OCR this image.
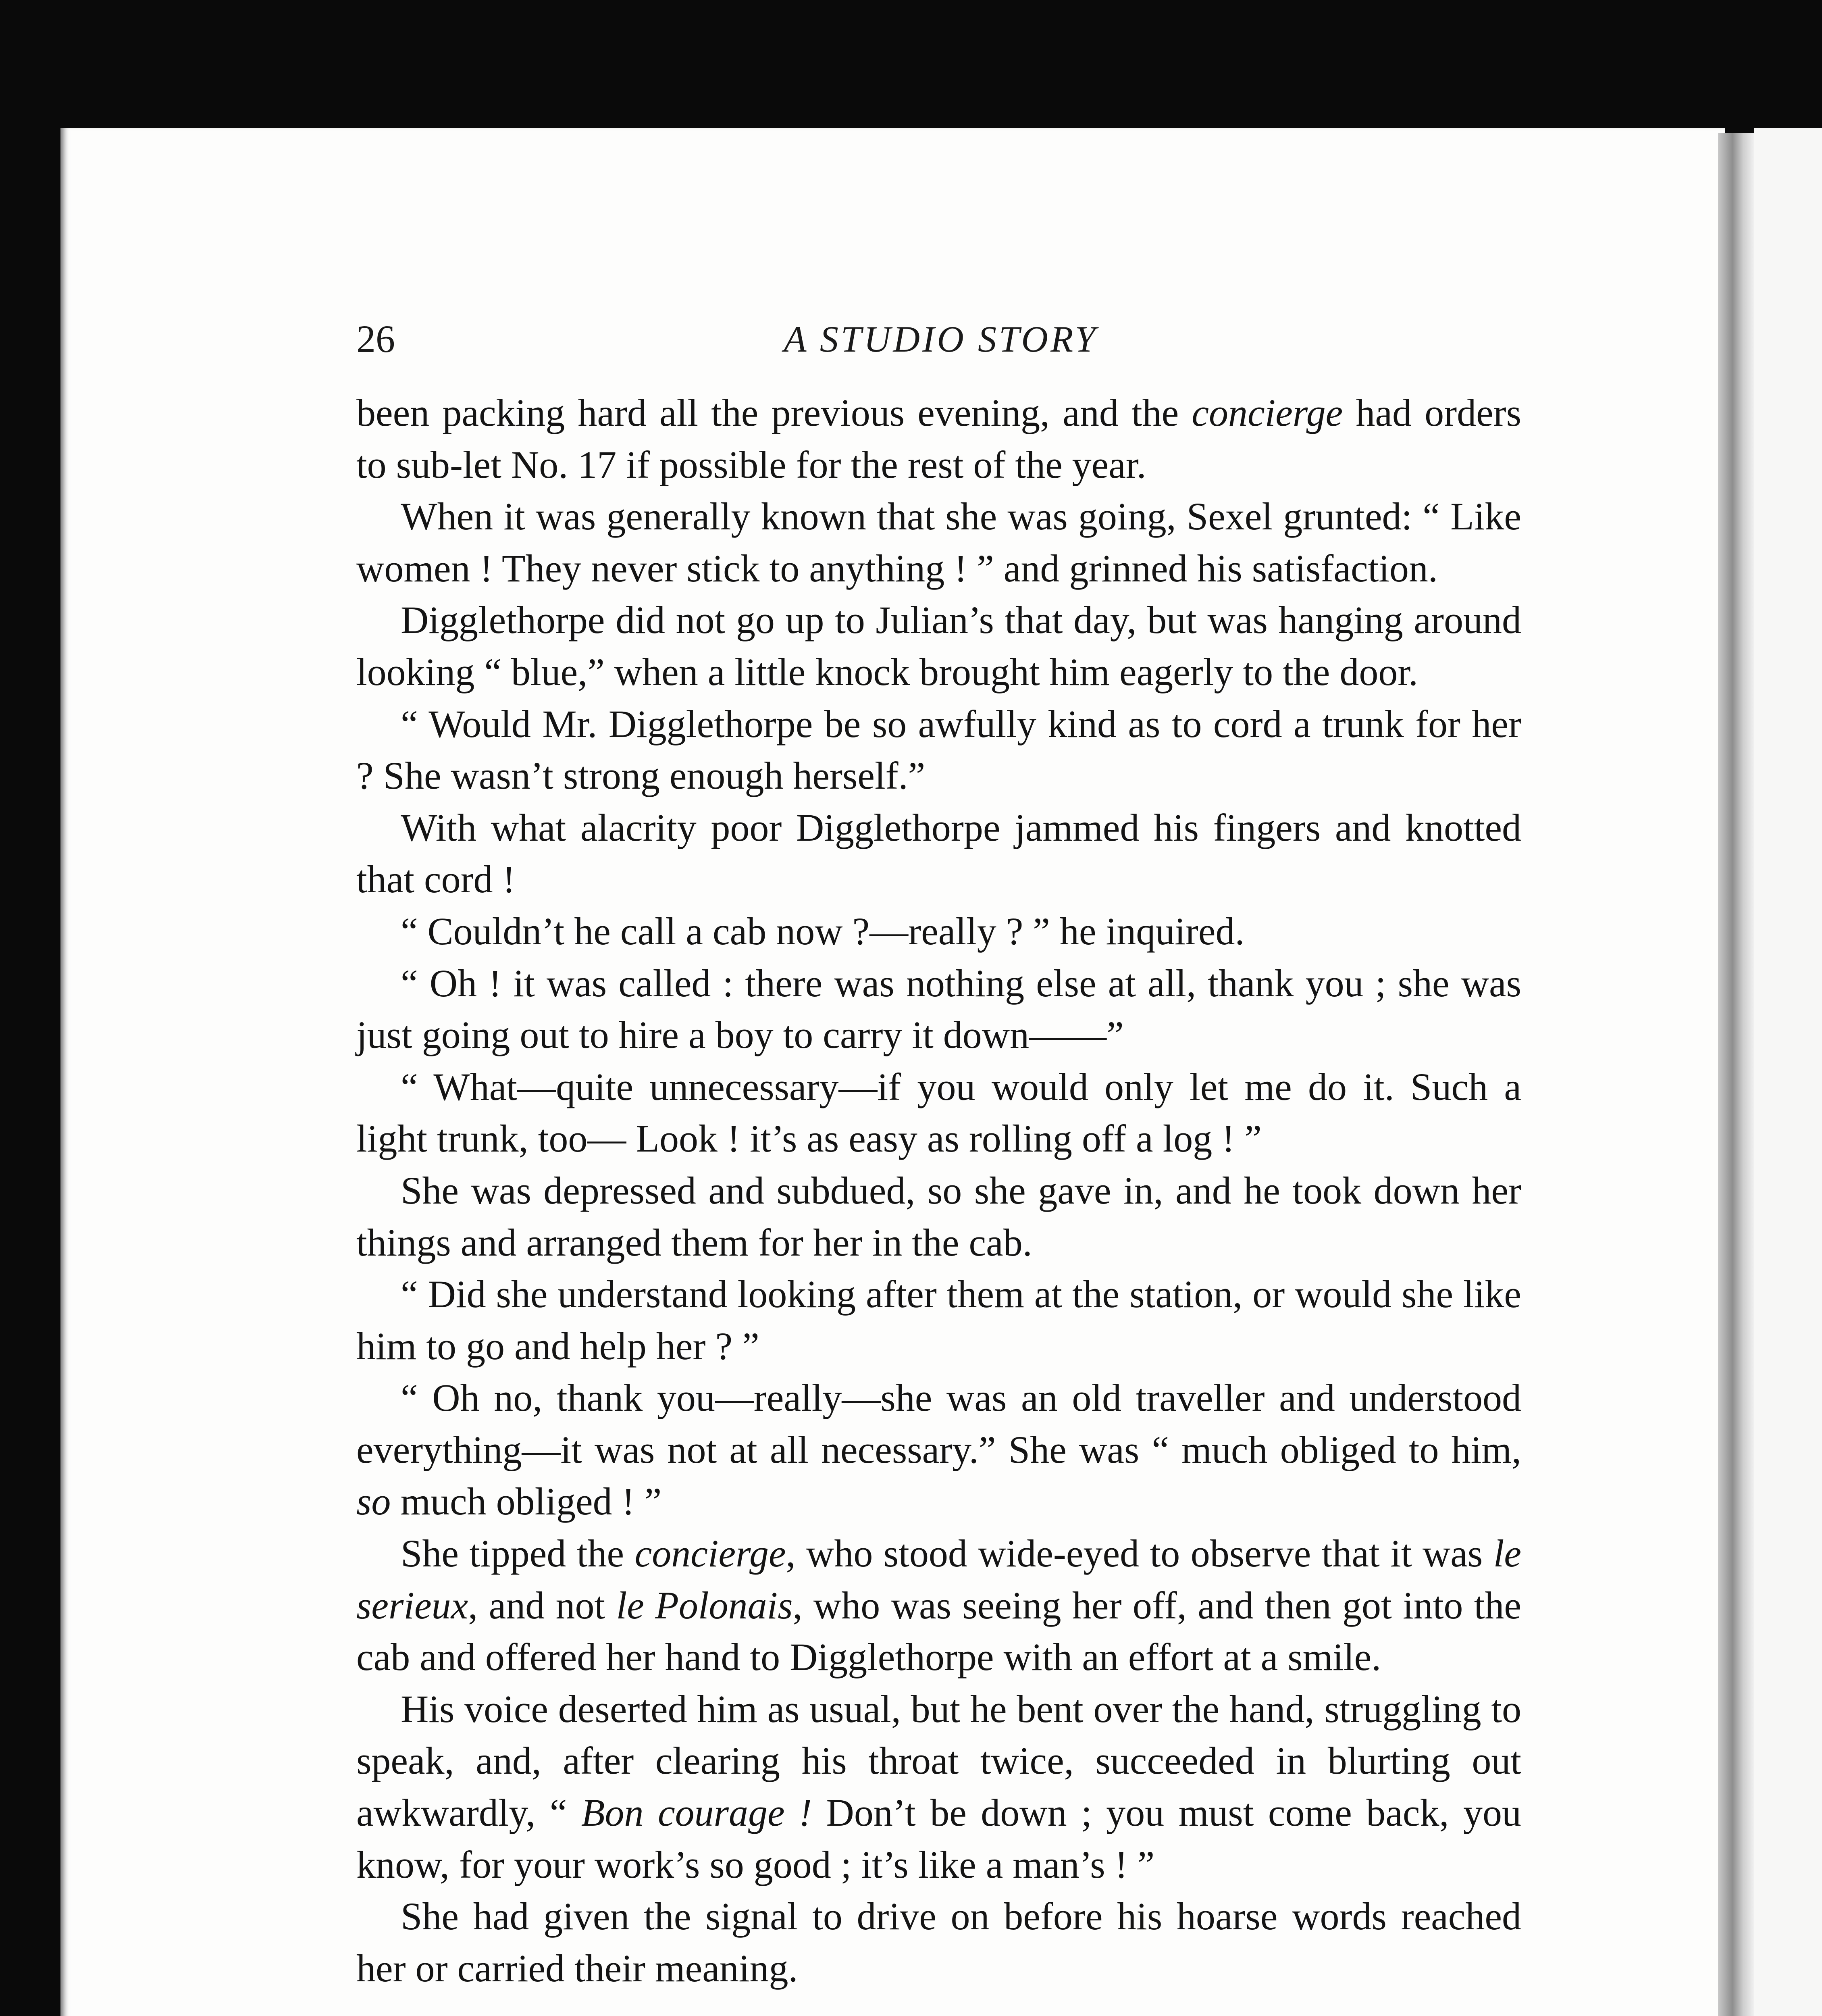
26	A STUDIO STORY

been packing hard all the previous evening, and the concierge had orders to sub-let No. 17 if possible for the rest of the year.

When it was generally known that she was going, Sexel grunted: “ Like women ! They never stick to anything ! ” and grinned his satisfaction.

Digglethorpe did not go up to Julian’s that day, but was hanging around looking “ blue,” when a little knock brought him eagerly to the door.

“ Would Mr. Digglethorpe be so awfully kind as to cord a trunk for her ? She wasn’t strong enough herself.”

With what alacrity poor Digglethorpe jammed his fingers and knotted that cord !

“ Couldn’t he call a cab now ?—really ? ” he inquired.

“ Oh ! it was called : there was nothing else at all, thank you ; she was just going out to hire a boy to carry it down——”

“ What—quite unnecessary—if you would only let me do it. Such a light trunk, too— Look ! it’s as easy as rolling off a log ! ”

She was depressed and subdued, so she gave in, and he took down her things and arranged them for her in the cab.

“ Did she understand looking after them at the station, or would she like him to go and help her ? ”

“ Oh no, thank you—really—she was an old traveller and understood everything—it was not at all necessary.” She was “ much obliged to him, so much obliged ! ”

She tipped the concierge, who stood wide-eyed to observe that it was le serieux, and not le Polonais, who was seeing her off, and then got into the cab and offered her hand to Digglethorpe with an effort at a smile.

His voice deserted him as usual, but he bent over the hand, struggling to speak, and, after clearing his throat twice, succeeded in blurting out awkwardly, “ Bon courage ! Don’t be down ; you must come back, you know, for your work’s so good ; it’s like a man’s ! ”

She had given the signal to drive on before his hoarse words reached her or carried their meaning.
